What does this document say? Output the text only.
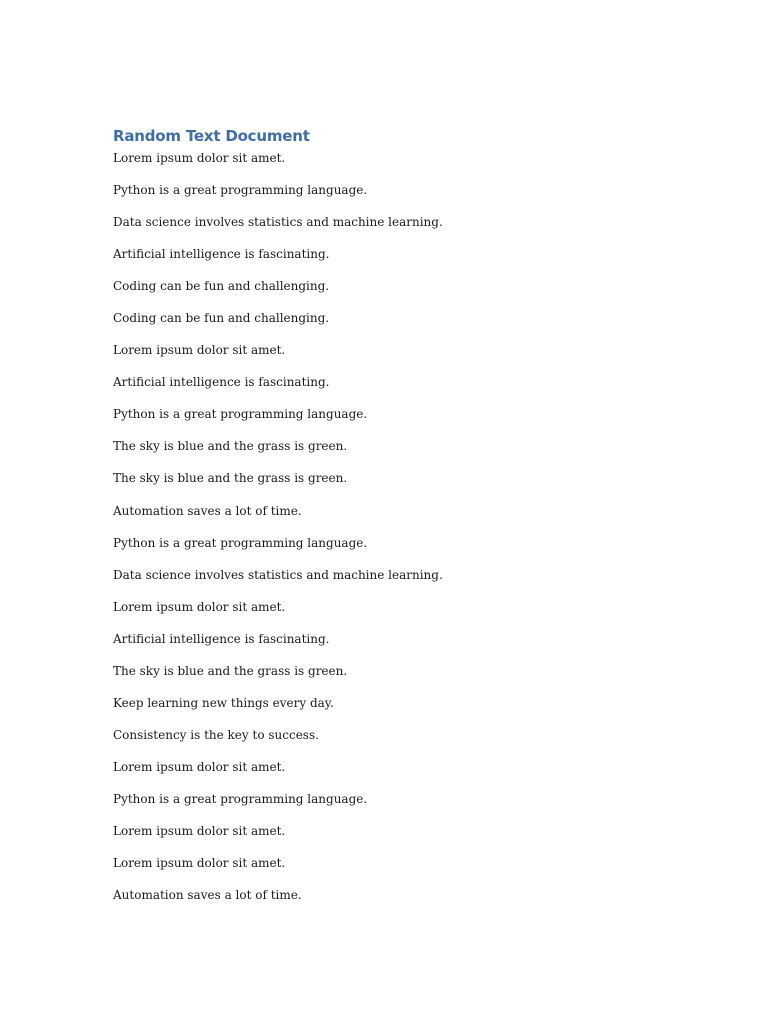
Random Text Document

Lorem ipsum dolor sit amet.

Python is a great programming language.

Data science involves statistics and machine learning.

Artificial intelligence is fascinating.

Coding can be fun and challenging.

Coding can be fun and challenging.

Lorem ipsum dolor sit amet.

Artificial intelligence is fascinating.

Python is a great programming language.

The sky is blue and the grass is green.

The sky is blue and the grass is green.

Automation saves a lot of time.

Python is a great programming language.

Data science involves statistics and machine learning.

Lorem ipsum dolor sit amet.

Artificial intelligence is fascinating.

The sky is blue and the grass is green.

Keep learning new things every day.

Consistency is the key to success.

Lorem ipsum dolor sit amet.

Python is a great programming language.

Lorem ipsum dolor sit amet.

Lorem ipsum dolor sit amet.

Automation saves a lot of time.
